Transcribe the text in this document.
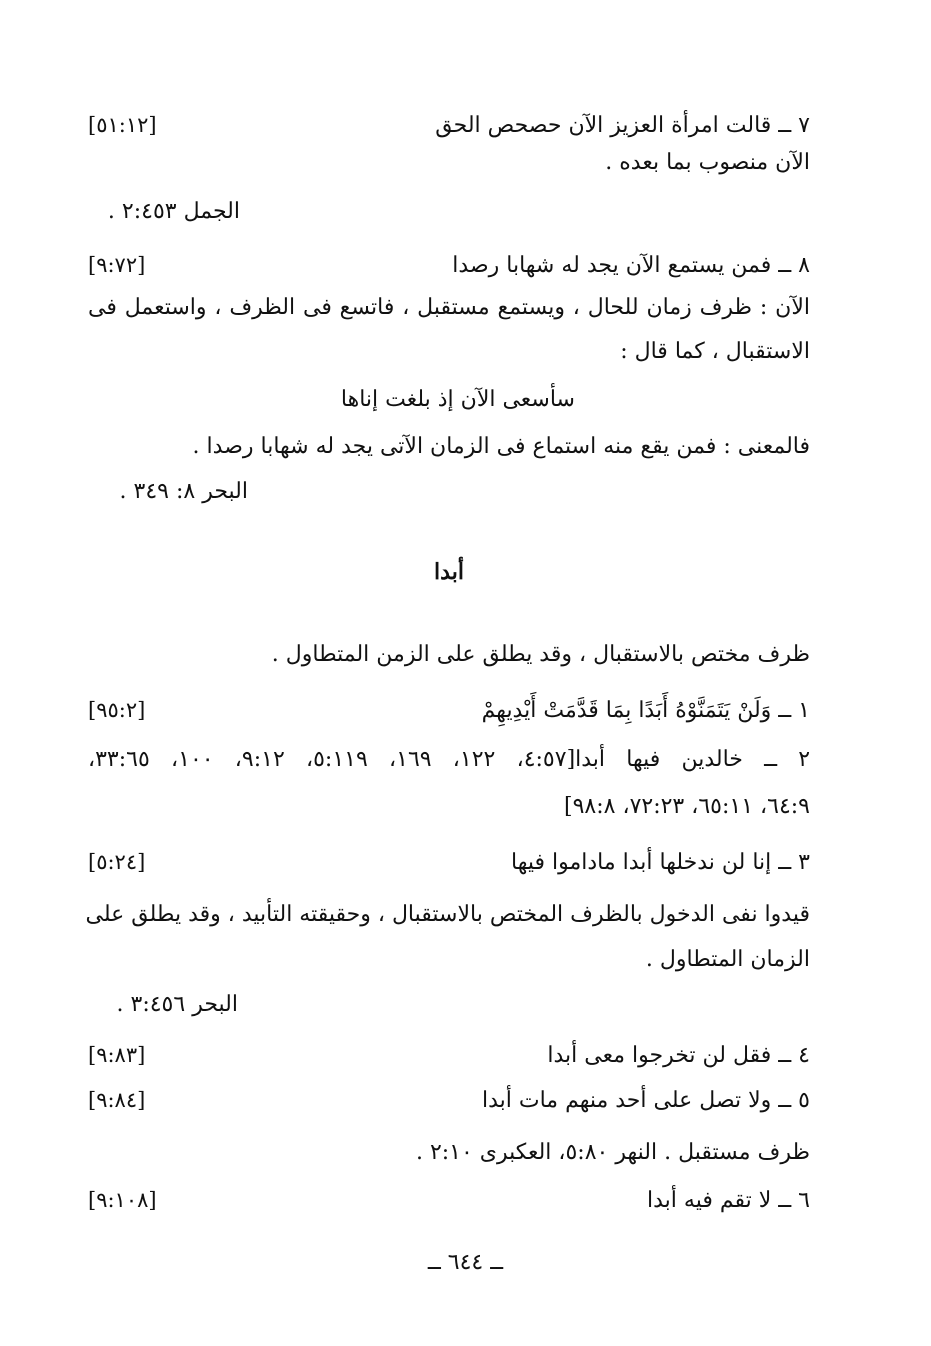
٧ ــ قالت امرأة العزيز الآن حصحص الحق
[٥١:١٢]
الآن منصوب بما بعده .
الجمل ٢:٤٥٣ .
٨ ــ فمن يستمع الآن يجد له شهابا رصدا
[٩:٧٢]
الآن : ظرف زمان للحال ، ويستمع مستقبل ، فاتسع فى الظرف ، واستعمل فى
الاستقبال ، كما قال :
سأسعى الآن إذ بلغت إناها
فالمعنى : فمن يقع منه استماع فى الزمان الآتى يجد له شهابا رصدا .
البحر ٨: ٣٤٩ .
أبدا
ظرف مختص بالاستقبال ، وقد يطلق على الزمن المتطاول .
١ ــ وَلَنْ يَتَمَنَّوْهُ أَبَدًا بِمَا قَدَّمَتْ أَيْدِيهِمْ
[٩٥:٢]
٢ ــ خالدين فيها أبدا[٤:٥٧، ١٢٢، ١٦٩، ٥:١١٩، ٩:١٢، ١٠٠، ٣٣:٦٥،
٦٤:٩، ٦٥:١١، ٧٢:٢٣، ٩٨:٨]
٣ ــ إنا لن ندخلها أبدا ماداموا فيها
[٥:٢٤]
قيدوا نفى الدخول بالظرف المختص بالاستقبال ، وحقيقته التأبيد ، وقد يطلق على
الزمان المتطاول .
البحر ٣:٤٥٦ .
٤ ــ فقل لن تخرجوا معى أبدا
[٩:٨٣]
٥ ــ ولا تصل على أحد منهم مات أبدا
[٩:٨٤]
ظرف مستقبل . النهر ٥:٨٠، العكبرى ٢:١٠ .
٦ ــ لا تقم فيه أبدا
[٩:١٠٨]
ــ ٦٤٤ ــ
